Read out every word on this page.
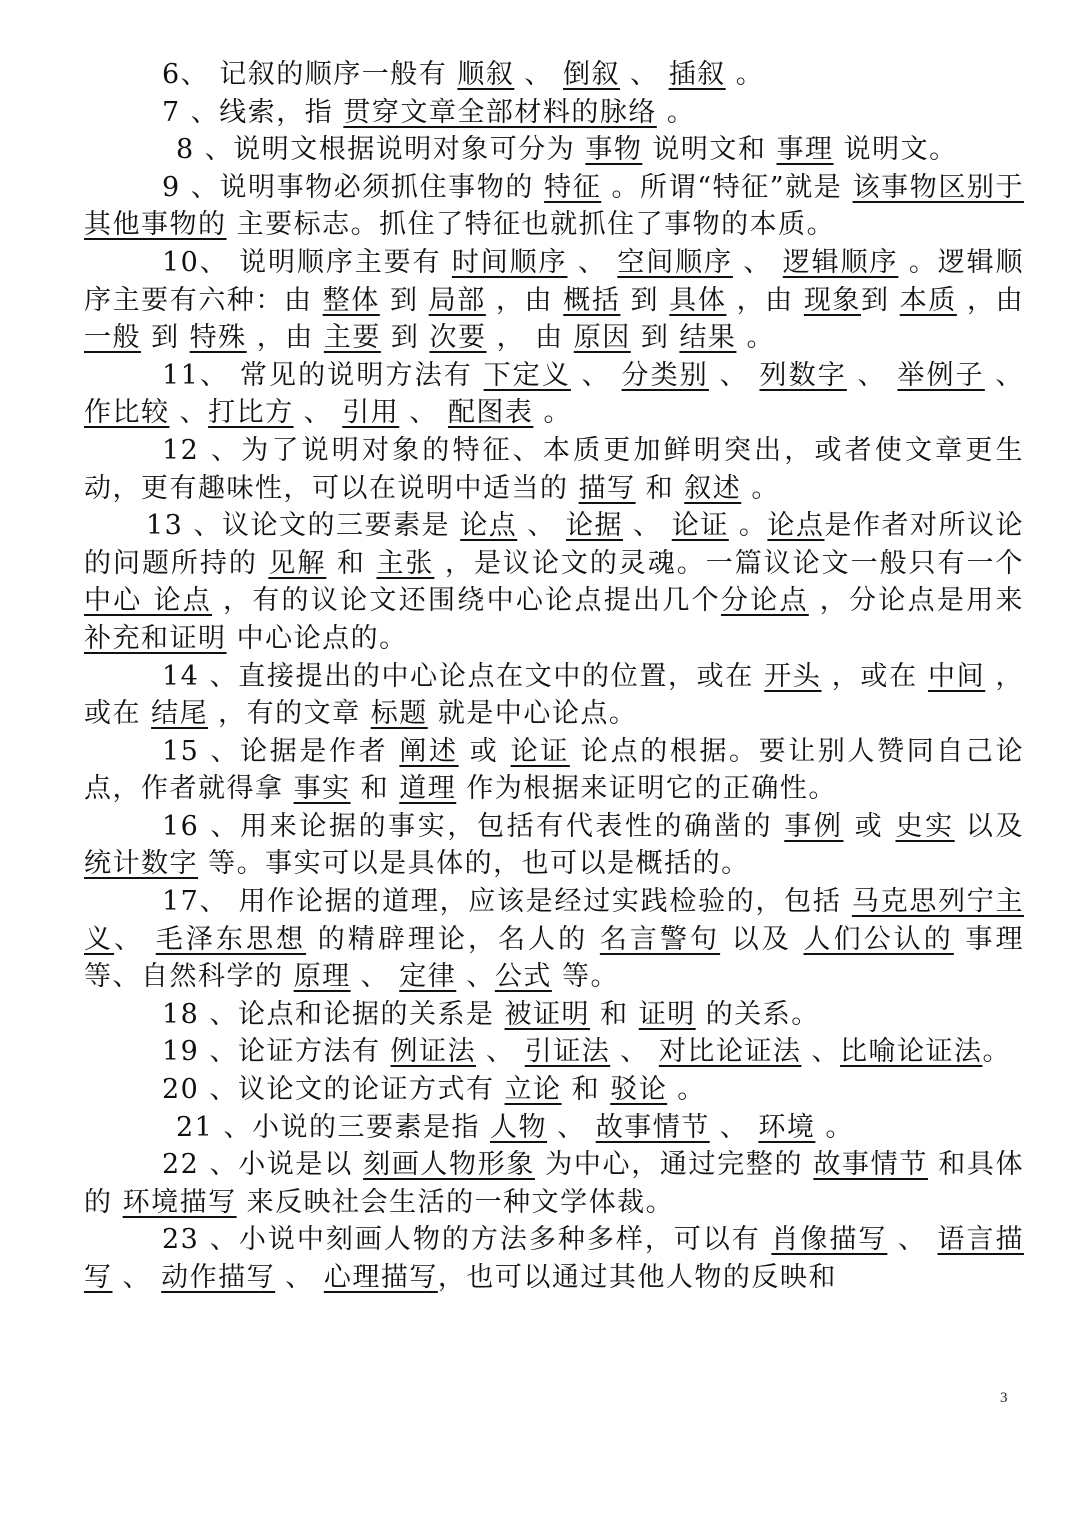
6、 记叙的顺序一般有 顺叙 、 倒叙 、 插叙 。

7 、线索，指 贯穿文章全部材料的脉络 。

8 、说明文根据说明对象可分为 事物 说明文和 事理 说明文。

9 、说明事物必须抓住事物的 特征 。所谓“特征”就是 该事物区别于其他事物的 主要标志。抓住了特征也就抓住了事物的本质。

10、 说明顺序主要有 时间顺序 、 空间顺序 、 逻辑顺序 。逻辑顺序主要有六种：由 整体 到 局部 ，由 概括 到 具体 ，由 现象到 本质 ，由 一般 到 特殊 ，由 主要 到 次要 ， 由 原因 到 结果 。

11、 常见的说明方法有 下定义 、 分类别 、 列数字 、 举例子 、 作比较 、打比方 、 引用 、 配图表 。

12 、为了说明对象的特征、本质更加鲜明突出，或者使文章更生动，更有趣味性，可以在说明中适当的 描写 和 叙述 。

13 、议论文的三要素是 论点 、 论据 、 论证 。论点是作者对所议论的问题所持的 见解 和 主张 ，是议论文的灵魂。一篇议论文一般只有一个 中心 论点 ，有的议论文还围绕中心论点提出几个分论点 ，分论点是用来 补充和证明 中心论点的。

14 、直接提出的中心论点在文中的位置，或在 开头 ，或在 中间 ，或在 结尾 ，有的文章 标题 就是中心论点。

15 、论据是作者 阐述 或 论证 论点的根据。要让别人赞同自己论点，作者就得拿 事实 和 道理 作为根据来证明它的正确性。

16 、用来论据的事实，包括有代表性的确凿的 事例 或 史实 以及 统计数字 等。事实可以是具体的，也可以是概括的。

17、 用作论据的道理，应该是经过实践检验的，包括 马克思列宁主义、 毛泽东思想 的精辟理论，名人的 名言警句 以及 人们公认的 事理等、自然科学的 原理 、 定律 、公式 等。

18 、论点和论据的关系是 被证明 和 证明 的关系。

19 、论证方法有 例证法 、 引证法 、 对比论证法 、比喻论证法。

20 、议论文的论证方式有 立论 和 驳论 。

21 、小说的三要素是指 人物 、 故事情节 、 环境 。

22 、小说是以 刻画人物形象 为中心，通过完整的 故事情节 和具体的 环境描写 来反映社会生活的一种文学体裁。

23 、小说中刻画人物的方法多种多样，可以有 肖像描写 、 语言描写 、 动作描写 、 心理描写，也可以通过其他人物的反映和

3
